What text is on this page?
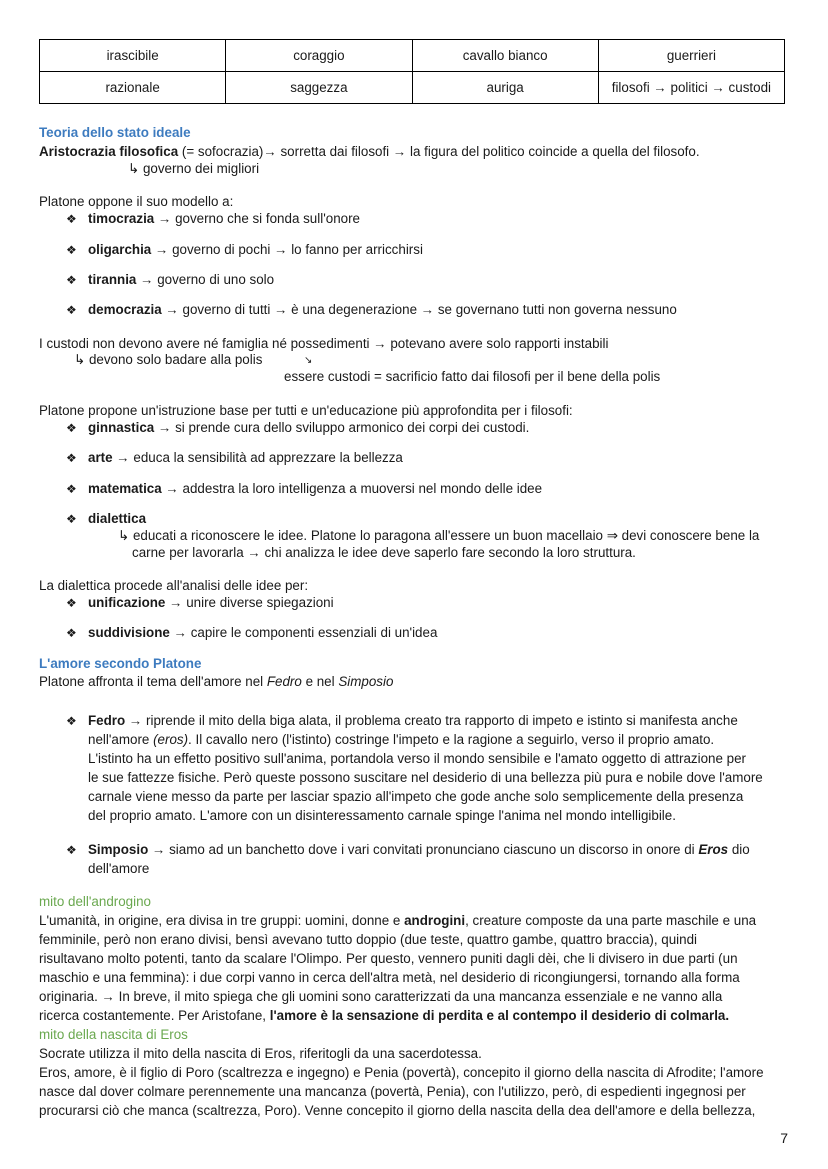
irascibile	coraggio	cavallo bianco	guerrieri
razionale	saggezza	auriga	filosofi → politici → custodi
Teoria dello stato ideale
Aristocrazia filosofica (= sofocrazia)→ sorretta dai filosofi → la figura del politico coincide a quella del filosofo.
↳ governo dei migliori
Platone oppone il suo modello a:
❖ timocrazia → governo che si fonda sull'onore
❖ oligarchia → governo di pochi → lo fanno per arricchirsi
❖ tirannia → governo di uno solo
❖ democrazia → governo di tutti → è una degenerazione → se governano tutti non governa nessuno
I custodi non devono avere né famiglia né possedimenti → potevano avere solo rapporti instabili
↳ devono solo badare alla polis	↘
essere custodi = sacrificio fatto dai filosofi per il bene della polis
Platone propone un'istruzione base per tutti e un'educazione più approfondita per i filosofi:
❖ ginnastica → si prende cura dello sviluppo armonico dei corpi dei custodi.
❖ arte → educa la sensibilità ad apprezzare la bellezza
❖ matematica → addestra la loro intelligenza a muoversi nel mondo delle idee
❖ dialettica
↳ educati a riconoscere le idee. Platone lo paragona all'essere un buon macellaio ⇒ devi conoscere bene la
carne per lavorarla → chi analizza le idee deve saperlo fare secondo la loro struttura.
La dialettica procede all'analisi delle idee per:
❖ unificazione → unire diverse spiegazioni
❖ suddivisione → capire le componenti essenziali di un'idea
L'amore secondo Platone
Platone affronta il tema dell'amore nel Fedro e nel Simposio
❖ Fedro → riprende il mito della biga alata, il problema creato tra rapporto di impeto e istinto si manifesta anche
nell'amore (eros). Il cavallo nero (l'istinto) costringe l'impeto e la ragione a seguirlo, verso il proprio amato.
L'istinto ha un effetto positivo sull'anima, portandola verso il mondo sensibile e l'amato oggetto di attrazione per
le sue fattezze fisiche. Però queste possono suscitare nel desiderio di una bellezza più pura e nobile dove l'amore
carnale viene messo da parte per lasciar spazio all'impeto che gode anche solo semplicemente della presenza
del proprio amato. L'amore con un disinteressamento carnale spinge l'anima nel mondo intelligibile.
❖ Simposio → siamo ad un banchetto dove i vari convitati pronunciano ciascuno un discorso in onore di Eros dio
dell'amore
mito dell'androgino
L'umanità, in origine, era divisa in tre gruppi: uomini, donne e androgini, creature composte da una parte maschile e una
femminile, però non erano divisi, bensì avevano tutto doppio (due teste, quattro gambe, quattro braccia), quindi
risultavano molto potenti, tanto da scalare l'Olimpo. Per questo, vennero puniti dagli dèi, che li divisero in due parti (un
maschio e una femmina): i due corpi vanno in cerca dell'altra metà, nel desiderio di ricongiungersi, tornando alla forma
originaria. → In breve, il mito spiega che gli uomini sono caratterizzati da una mancanza essenziale e ne vanno alla
ricerca costantemente. Per Aristofane, l'amore è la sensazione di perdita e al contempo il desiderio di colmarla.
mito della nascita di Eros
Socrate utilizza il mito della nascita di Eros, riferitogli da una sacerdotessa.
Eros, amore, è il figlio di Poro (scaltrezza e ingegno) e Penia (povertà), concepito il giorno della nascita di Afrodite; l'amore
nasce dal dover colmare perennemente una mancanza (povertà, Penia), con l'utilizzo, però, di espedienti ingegnosi per
procurarsi ciò che manca (scaltrezza, Poro). Venne concepito il giorno della nascita della dea dell'amore e della bellezza,
7
